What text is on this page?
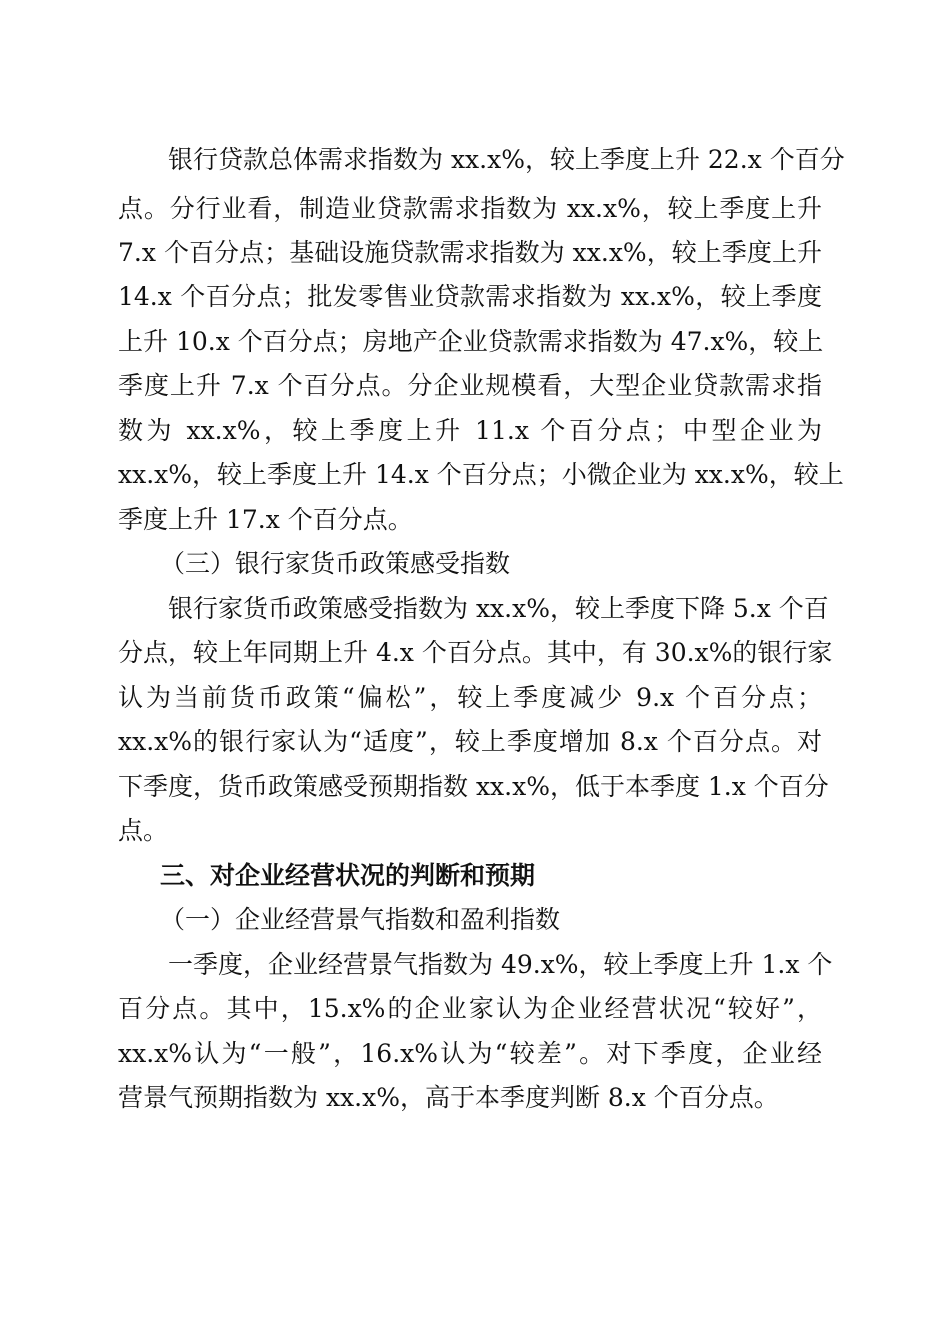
银行贷款总体需求指数为 xx.x%，较上季度上升 22.x 个百分
点。分行业看，制造业贷款需求指数为 xx.x%，较上季度上升
7.x 个百分点；基础设施贷款需求指数为 xx.x%，较上季度上升
14.x 个百分点；批发零售业贷款需求指数为 xx.x%，较上季度
上升 10.x 个百分点；房地产企业贷款需求指数为 47.x%，较上
季度上升 7.x 个百分点。分企业规模看，大型企业贷款需求指
数为 xx.x%，较上季度上升 11.x 个百分点；中型企业为
xx.x%，较上季度上升 14.x 个百分点；小微企业为 xx.x%，较上
季度上升 17.x 个百分点。
（三）银行家货币政策感受指数
银行家货币政策感受指数为 xx.x%，较上季度下降 5.x 个百
分点，较上年同期上升 4.x 个百分点。其中，有 30.x%的银行家
认为当前货币政策“偏松”，较上季度减少 9.x 个百分点；
xx.x%的银行家认为“适度”，较上季度增加 8.x 个百分点。对
下季度，货币政策感受预期指数 xx.x%，低于本季度 1.x 个百分
点。
三、对企业经营状况的判断和预期
（一）企业经营景气指数和盈利指数
一季度，企业经营景气指数为 49.x%，较上季度上升 1.x 个
百分点。其中，15.x%的企业家认为企业经营状况“较好”，
xx.x%认为“一般”，16.x%认为“较差”。对下季度，企业经
营景气预期指数为 xx.x%，高于本季度判断 8.x 个百分点。
